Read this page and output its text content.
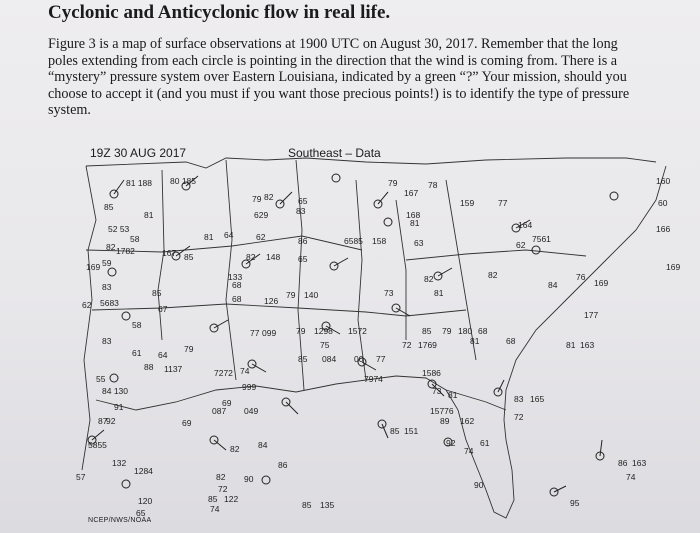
Cyclonic and Anticyclonic flow in real life.
Figure 3 is a map of surface observations at 1900 UTC on August 30, 2017. Remember that the long poles extending from each circle is pointing in the direction that the wind is coming from. There is a “mystery” pressure system over Eastern Louisiana, indicated by a green “?” Your mission, should you choose to accept it (and you must if you want those precious points!) is to identify the type of pressure system.
19Z 30 AUG 2017	Southeast – Data
81 188 80 185
85
81
52 53
58	81 64	62
79 82
629
65
83
82 1782	167 85
169 59
82 148 65
86
83
62 5683
85
67
68
133
79 140
68	126
58
83
61 64
79
88 1137
55
84 130
7272 74
77 099 79 1298
75
85 084 00 77
999
7974
91	69
87
92
087 049
69
5855
132
1284
57
82 84
82 90
72
85 122
74
120
65
86
85 135
79
167
78
168
81
6585 158	63
82
81
73
1572	85 79 180 68
81	68
72 1769
1586
73 81
15776
89 162
85 151
92	61
74
90
95
166
169
82
62
7561
84
177
76
169
81 163
83 165
72
86 163
74
160
60
159	77
164
NCEP/NWS/NOAA
